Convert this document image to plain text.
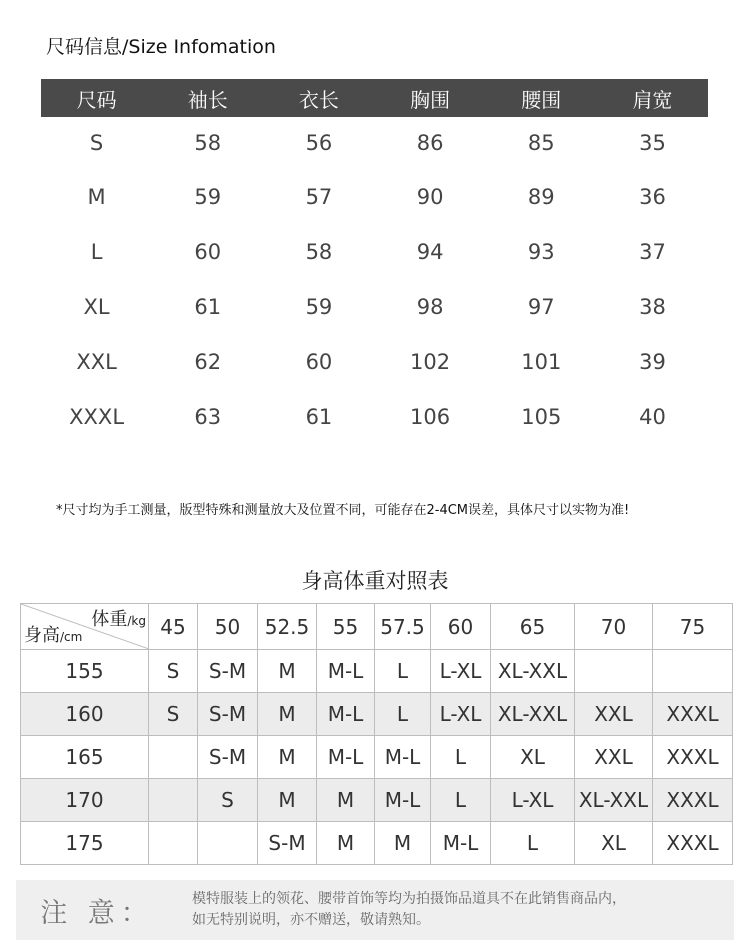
尺码信息/Size Infomation
尺码	袖长	衣长	胸围	腰围	肩宽
S	58	56	86	85	35
M	59	57	90	89	36
L	60	58	94	93	37
XL	61	59	98	97	38
XXL	62	60	102	101	39
XXXL	63	61	106	105	40
*尺寸均为手工测量，版型特殊和测量放大及位置不同，可能存在2-4CM误差，具体尺寸以实物为准!
身高体重对照表
体重/kg
身高/cm	45	50	52.5	55	57.5	60	65	70	75
155	S	S-M	M	M-L	L	L-XL	XL-XXL		
160	S	S-M	M	M-L	L	L-XL	XL-XXL	XXL	XXXL
165		S-M	M	M-L	M-L	L	XL	XXL	XXXL
170		S	M	M	M-L	L	L-XL	XL-XXL	XXXL
175			S-M	M	M	M-L	L	XL	XXXL
注 意：	模特服装上的领花、腰带首饰等均为拍摄饰品道具不在此销售商品内，
如无特别说明，亦不赠送，敬请熟知。
